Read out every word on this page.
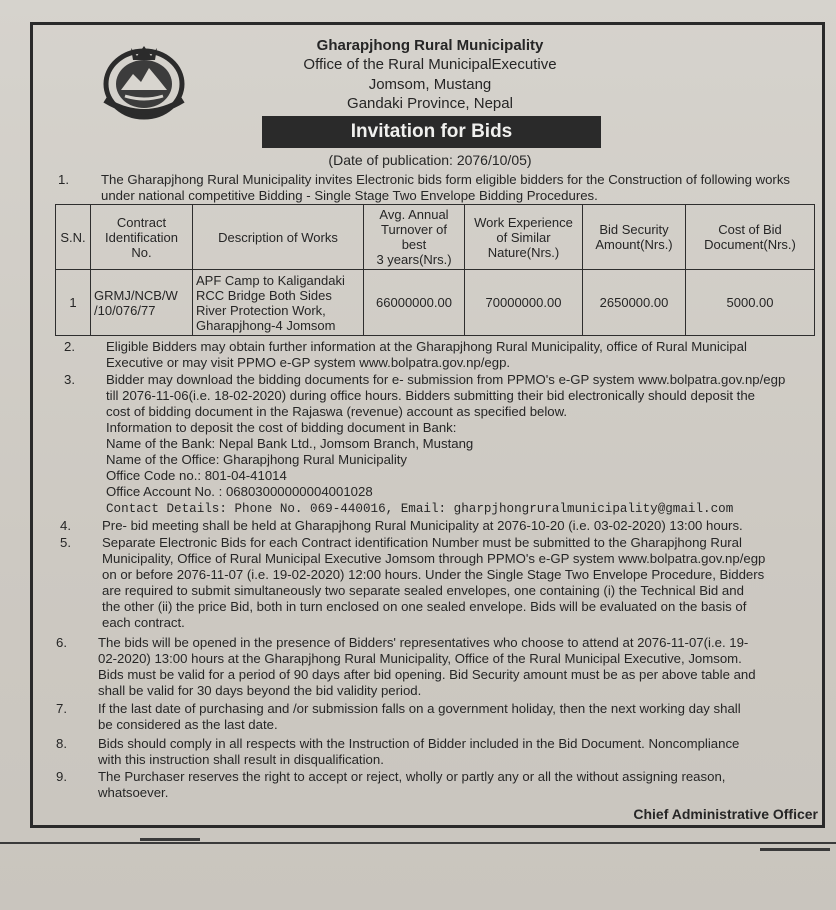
Gharapjhong Rural Municipality
Office of the Rural MunicipalExecutive
Jomsom, Mustang
Gandaki Province, Nepal
Invitation for Bids
(Date of publication: 2076/10/05)
1. The Gharapjhong Rural Municipality invites Electronic bids form eligible bidders for the Construction of following works
under national competitive Bidding - Single Stage Two Envelope Bidding Procedures.
S.N.	Contract
Identification
No.	Description of Works	Avg. Annual
Turnover of best
3 years(Nrs.)	Work Experience
of Similar
Nature(Nrs.)	Bid Security
Amount(Nrs.)	Cost of Bid
Document(Nrs.)
1	GRMJ/NCB/W
/10/076/77	APF Camp to Kaligandaki
RCC Bridge Both Sides
River Protection Work,
Gharapjhong-4 Jomsom	66000000.00	70000000.00	2650000.00	5000.00
2. Eligible Bidders may obtain further information at the Gharapjhong Rural Municipality, office of Rural Municipal
Executive or may visit PPMO e-GP system www.bolpatra.gov.np/egp.
3. Bidder may download the bidding documents for e- submission from PPMO's e-GP system www.bolpatra.gov.np/egp
till 2076-11-06(i.e. 18-02-2020) during office hours. Bidders submitting their bid electronically should deposit the
cost of bidding document in the Rajaswa (revenue) account as specified below.
Information to deposit the cost of bidding document in Bank:
Name of the Bank: Nepal Bank Ltd., Jomsom Branch, Mustang
Name of the Office: Gharapjhong Rural Municipality
Office Code no.: 801-04-41014
Office Account No. : 06803000000004001028
Contact Details: Phone No. 069-440016, Email: gharpjhongruralmunicipality@gmail.com
4. Pre- bid meeting shall be held at Gharapjhong Rural Municipality at 2076-10-20 (i.e. 03-02-2020) 13:00 hours.
5. Separate Electronic Bids for each Contract identification Number must be submitted to the Gharapjhong Rural
Municipality, Office of Rural Municipal Executive Jomsom through PPMO's e-GP system www.bolpatra.gov.np/egp
on or before 2076-11-07 (i.e. 19-02-2020) 12:00 hours. Under the Single Stage Two Envelope Procedure, Bidders
are required to submit simultaneously two separate sealed envelopes, one containing (i) the Technical Bid and
the other (ii) the price Bid, both in turn enclosed on one sealed envelope. Bids will be evaluated on the basis of
each contract.
6. The bids will be opened in the presence of Bidders' representatives who choose to attend at 2076-11-07(i.e. 19-
02-2020) 13:00 hours at the Gharapjhong Rural Municipality, Office of the Rural Municipal Executive, Jomsom.
Bids must be valid for a period of 90 days after bid opening. Bid Security amount must be as per above table and
shall be valid for 30 days beyond the bid validity period.
7. If the last date of purchasing and /or submission falls on a government holiday, then the next working day shall
be considered as the last date.
8. Bids should comply in all respects with the Instruction of Bidder included in the Bid Document. Noncompliance
with this instruction shall result in disqualification.
9. The Purchaser reserves the right to accept or reject, wholly or partly any or all the without assigning reason,
whatsoever.
Chief Administrative Officer
